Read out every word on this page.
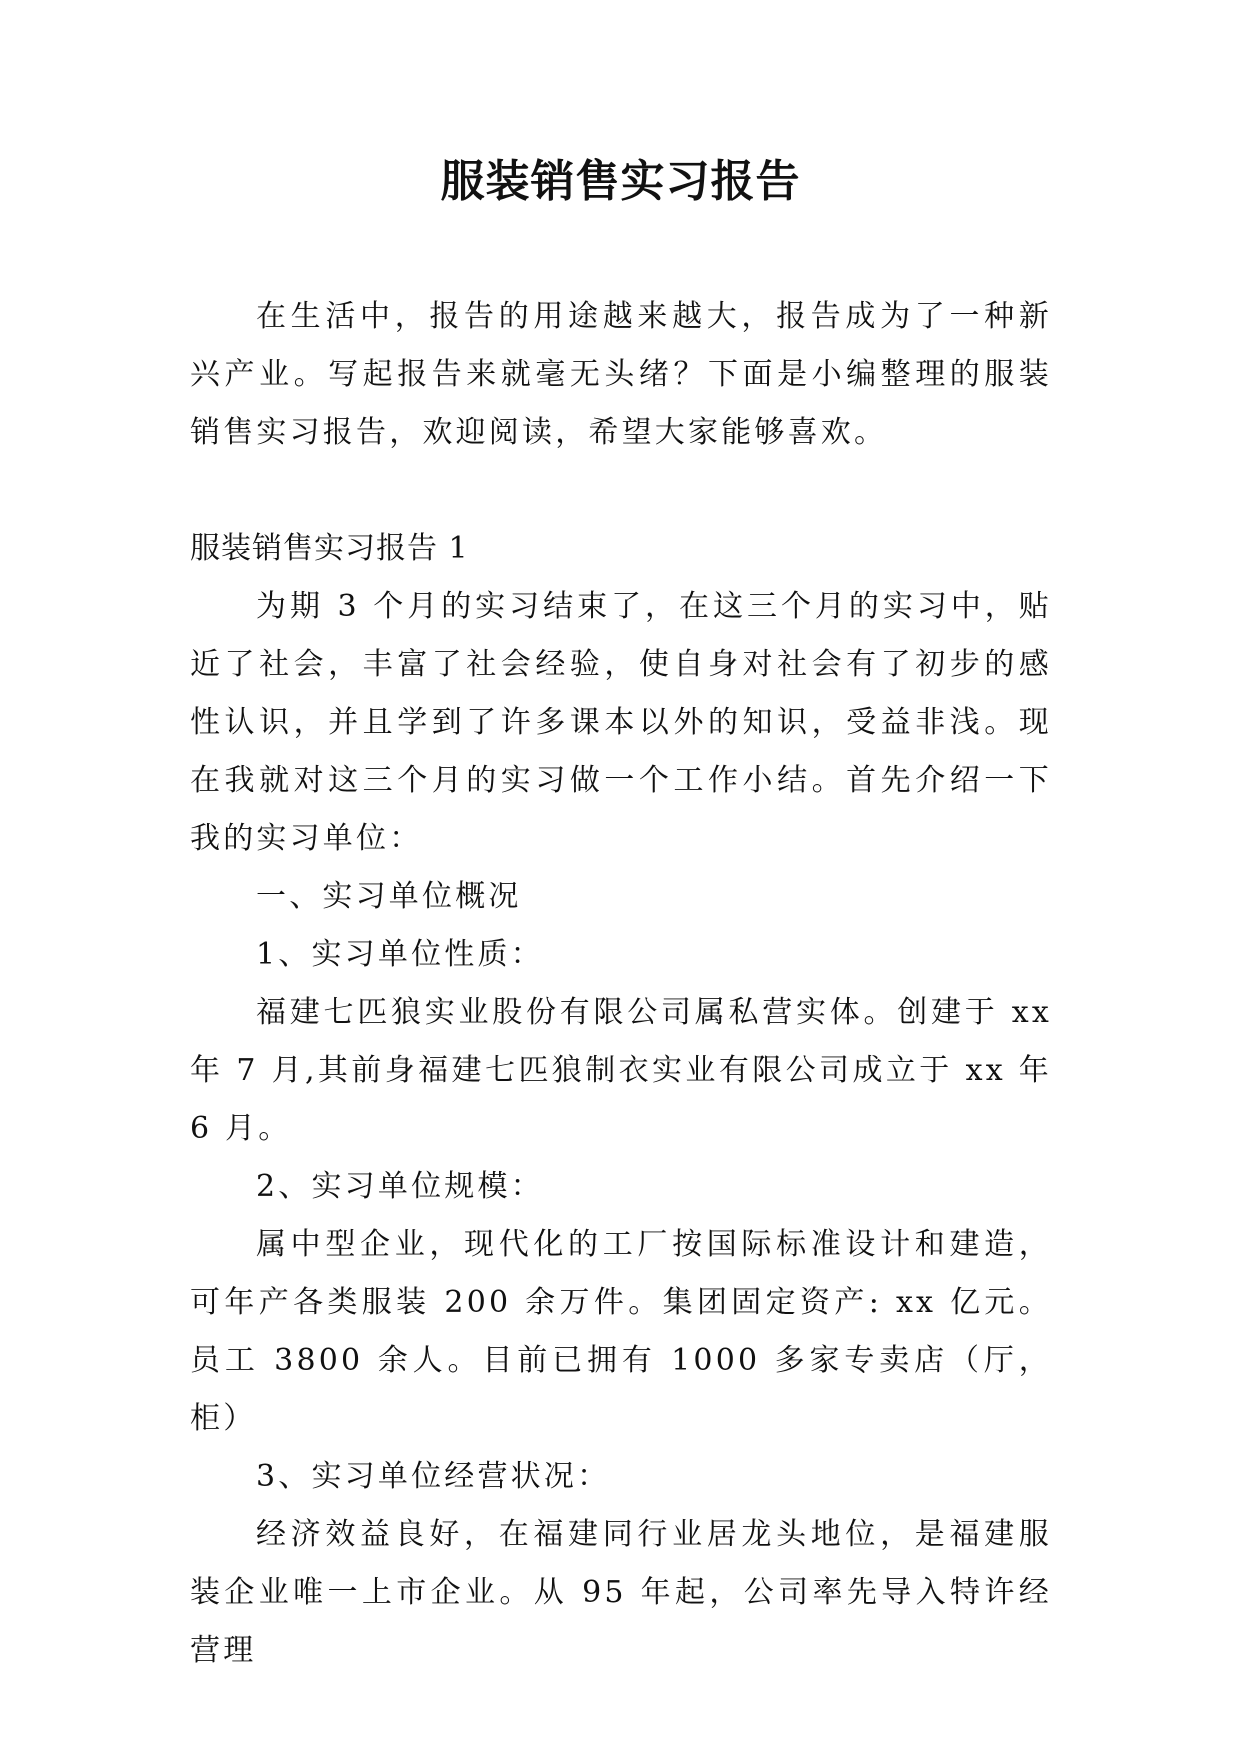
服装销售实习报告

在生活中，报告的用途越来越大，报告成为了一种新兴产业。写起报告来就毫无头绪？下面是小编整理的服装销售实习报告，欢迎阅读，希望大家能够喜欢。

服装销售实习报告 1

为期 3 个月的实习结束了，在这三个月的实习中，贴近了社会，丰富了社会经验，使自身对社会有了初步的感性认识，并且学到了许多课本以外的知识，受益非浅。现在我就对这三个月的实习做一个工作小结。首先介绍一下我的实习单位：

一、实习单位概况

1、实习单位性质：

福建七匹狼实业股份有限公司属私营实体。创建于 xx 年 7 月,其前身福建七匹狼制衣实业有限公司成立于 xx 年 6 月。

2、实习单位规模：

属中型企业，现代化的工厂按国际标准设计和建造，可年产各类服装 200 余万件。集团固定资产: xx 亿元。员工 3800 余人。目前已拥有 1000 多家专卖店（厅，柜）

3、实习单位经营状况：

经济效益良好，在福建同行业居龙头地位，是福建服装企业唯一上市企业。从 95 年起，公司率先导入特许经营理
